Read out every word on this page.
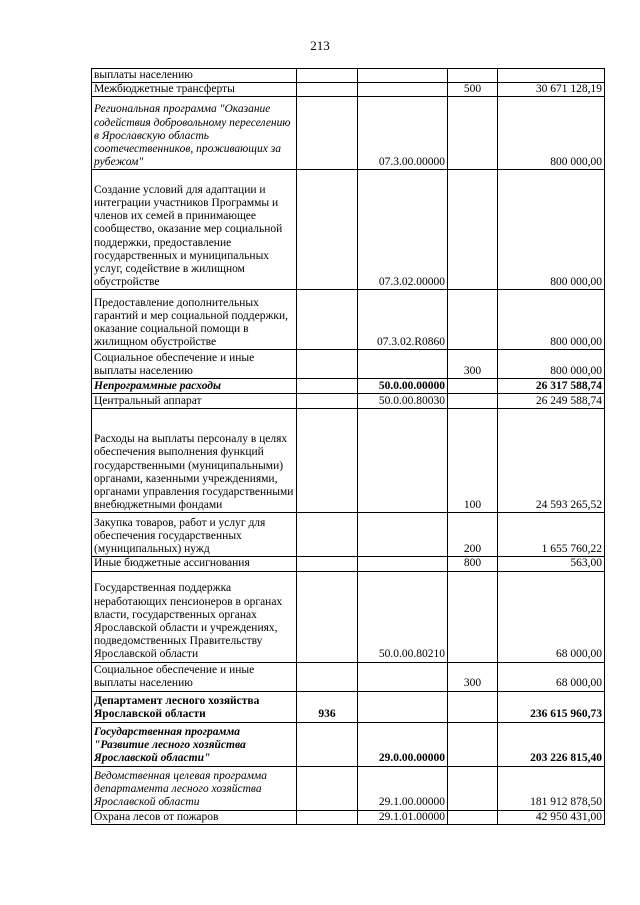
213
выплаты населению				
Межбюджетные трансферты			500	30 671 128,19
Региональная программа "Оказание содействия добровольному переселению в Ярославскую область соотечественников, проживающих за рубежом"		07.3.00.00000		800 000,00
Создание условий для адаптации и интеграции участников Программы и членов их семей в принимающее сообщество, оказание мер социальной поддержки, предоставление государственных и муниципальных услуг, содействие в жилищном обустройстве		07.3.02.00000		800 000,00
Предоставление дополнительных гарантий и мер социальной поддержки, оказание социальной помощи в жилищном обустройстве		07.3.02.R0860		800 000,00
Социальное обеспечение и иные выплаты населению			300	800 000,00
Непрограммные расходы		50.0.00.00000		26 317 588,74
Центральный аппарат		50.0.00.80030		26 249 588,74
Расходы на выплаты персоналу в целях обеспечения выполнения функций государственными (муниципальными) органами, казенными учреждениями, органами управления государственными внебюджетными фондами			100	24 593 265,52
Закупка товаров, работ и услуг для обеспечения государственных (муниципальных) нужд			200	1 655 760,22
Иные бюджетные ассигнования			800	563,00
Государственная поддержка неработающих пенсионеров в органах власти, государственных органах Ярославской области и учреждениях, подведомственных Правительству Ярославской области		50.0.00.80210		68 000,00
Социальное обеспечение и иные выплаты населению			300	68 000,00
Департамент лесного хозяйства Ярославской области	936			236 615 960,73
Государственная программа "Развитие лесного хозяйства Ярославской области"		29.0.00.00000		203 226 815,40
Ведомственная целевая программа департамента лесного хозяйства Ярославской области		29.1.00.00000		181 912 878,50
Охрана лесов от пожаров		29.1.01.00000		42 950 431,00
